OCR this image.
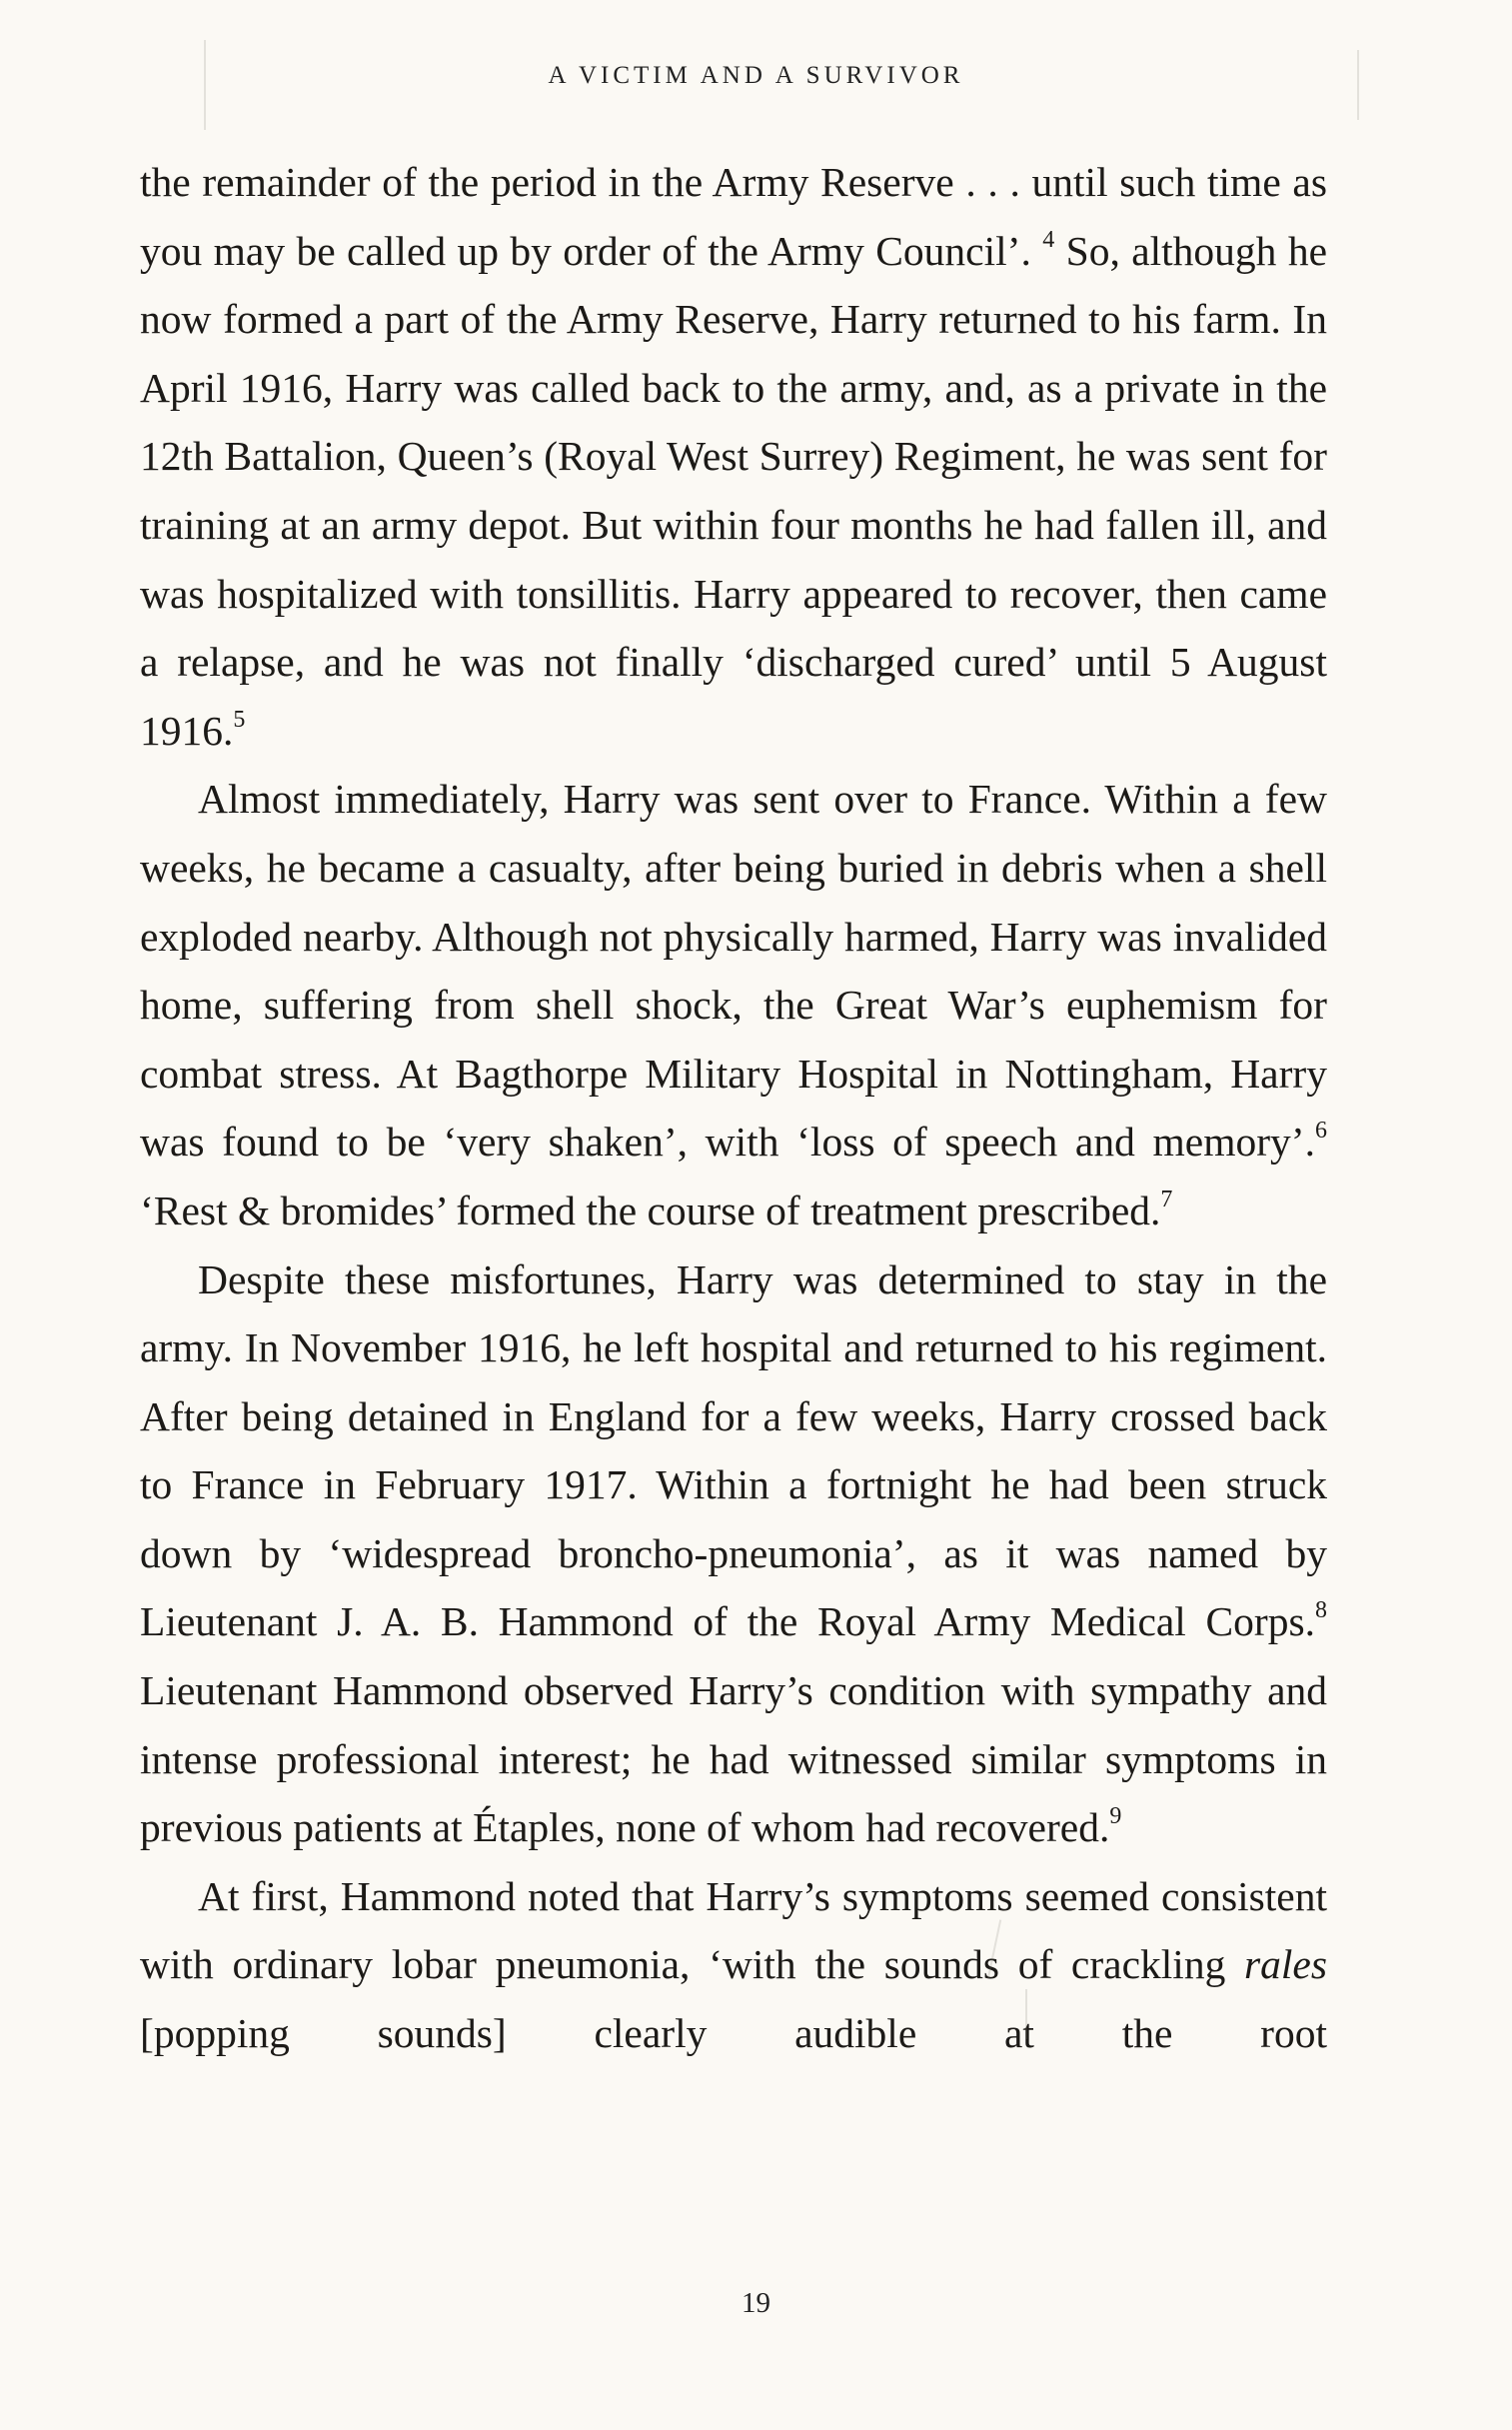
A VICTIM AND A SURVIVOR

the remainder of the period in the Army Reserve . . . until such time as you may be called up by order of the Army Council’. $^4$ So, although he now formed a part of the Army Reserve, Harry returned to his farm. In April 1916, Harry was called back to the army, and, as a private in the 12th Battalion, Queen’s (Royal West Surrey) Regiment, he was sent for training at an army depot. But within four months he had fallen ill, and was hospitalized with tonsillitis. Harry appeared to recover, then came a relapse, and he was not finally ‘discharged cured’ until 5 August 1916.$^5$

Almost immediately, Harry was sent over to France. Within a few weeks, he became a casualty, after being buried in debris when a shell exploded nearby. Although not physically harmed, Harry was invalided home, suffering from shell shock, the Great War’s euphemism for combat stress. At Bagthorpe Military Hospital in Nottingham, Harry was found to be ‘very shaken’, with ‘loss of speech and memory’.$^6$ ‘Rest & bromides’ formed the course of treatment prescribed.$^7$

Despite these misfortunes, Harry was determined to stay in the army. In November 1916, he left hospital and returned to his regiment. After being detained in England for a few weeks, Harry crossed back to France in February 1917. Within a fortnight he had been struck down by ‘widespread broncho-pneumonia’, as it was named by Lieutenant J. A. B. Hammond of the Royal Army Medical Corps.$^8$ Lieutenant Hammond observed Harry’s condition with sympathy and intense professional interest; he had witnessed similar symptoms in previous patients at Étaples, none of whom had recovered.$^9$

At first, Hammond noted that Harry’s symptoms seemed consistent with ordinary lobar pneumonia, ‘with the sounds of crackling rales [popping sounds] clearly audible at the root

19
